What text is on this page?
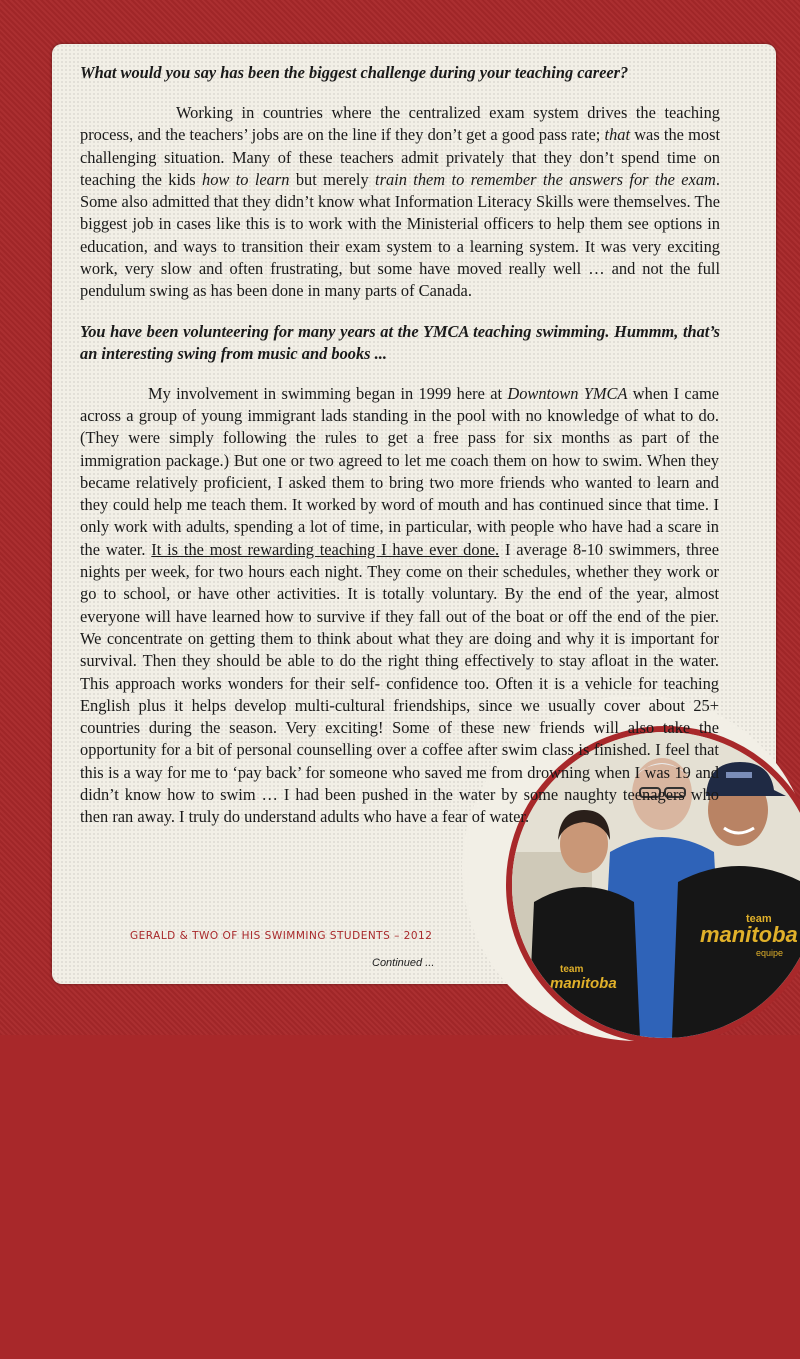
team
manitoba
team
manitoba
equipe

What would you say has been the biggest challenge during your teaching career?

Working in countries where the centralized exam system drives the teaching process, and the teachers’ jobs are on the line if they don’t get a good pass rate; that was the most challenging situation. Many of these teachers admit privately that they don’t spend time on teaching the kids how to learn but merely train them to remember the answers for the exam. Some also admitted that they didn’t know what Information Literacy Skills were themselves. The biggest job in cases like this is to work with the Ministerial officers to help them see options in education, and ways to transition their exam system to a learning system. It was very exciting work, very slow and often frustrating, but some have moved really well … and not the full pendulum swing as has been done in many parts of Canada.

You have been volunteering for many years at the YMCA teaching swimming. Hummm, that’s an interesting swing from music and books ...

My involvement in swimming began in 1999 here at Downtown YMCA when I came across a group of young immigrant lads standing in the pool with no knowledge of what to do. (They were simply following the rules to get a free pass for six months as part of the immigration package.) But one or two agreed to let me coach them on how to swim. When they became relatively proficient, I asked them to bring two more friends who wanted to learn and they could help me teach them. It worked by word of mouth and has continued since that time. I only work with adults, spending a lot of time, in particular, with people who have had a scare in the water. It is the most rewarding teaching I have ever done. I average 8-10 swimmers, three nights per week, for two hours each night. They come on their schedules, whether they work or go to school, or have other activities. It is totally voluntary. By the end of the year, almost everyone will have learned how to survive if they fall out of the boat or off the end of the pier. We concentrate on getting them to think about what they are doing and why it is important for survival. Then they should be able to do the right thing effectively to stay afloat in the water. This approach works wonders for their self- confidence too. Often it is a vehicle for teaching English plus it helps develop multi-cultural friendships, since we usually cover about 25+ countries during the season. Very exciting! Some of these new friends will also take the opportunity for a bit of personal counselling over a coffee after swim class is finished. I feel that this is a way for me to ‘pay back’ for someone who saved me from drowning when I was 19 and didn’t know how to swim … I had been pushed in the water by some naughty teenagers who then ran away. I truly do understand adults who have a fear of water.

GERALD & TWO OF HIS SWIMMING STUDENTS – 2012
Continued ...
